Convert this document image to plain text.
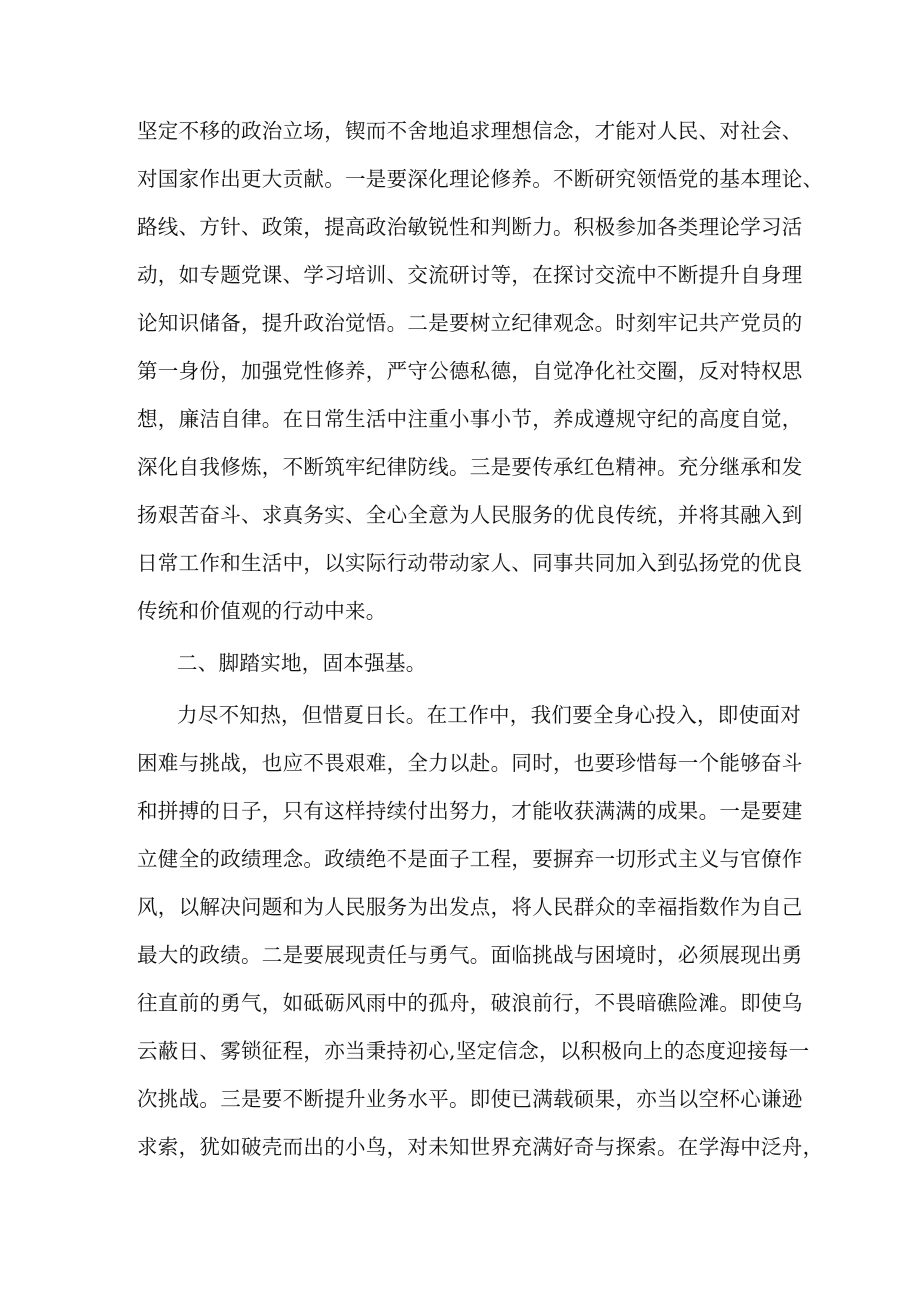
坚定不移的政治立场，锲而不舍地追求理想信念，才能对人民、对社会、
对国家作出更大贡献。一是要深化理论修养。不断研究领悟党的基本理论、
路线、方针、政策，提高政治敏锐性和判断力。积极参加各类理论学习活
动，如专题党课、学习培训、交流研讨等，在探讨交流中不断提升自身理
论知识储备，提升政治觉悟。二是要树立纪律观念。时刻牢记共产党员的
第一身份，加强党性修养，严守公德私德，自觉净化社交圈，反对特权思
想，廉洁自律。在日常生活中注重小事小节，养成遵规守纪的高度自觉，
深化自我修炼，不断筑牢纪律防线。三是要传承红色精神。充分继承和发
扬艰苦奋斗、求真务实、全心全意为人民服务的优良传统，并将其融入到
日常工作和生活中，以实际行动带动家人、同事共同加入到弘扬党的优良
传统和价值观的行动中来。
二、脚踏实地，固本强基。
力尽不知热，但惜夏日长。在工作中，我们要全身心投入，即使面对
困难与挑战，也应不畏艰难，全力以赴。同时，也要珍惜每一个能够奋斗
和拼搏的日子，只有这样持续付出努力，才能收获满满的成果。一是要建
立健全的政绩理念。政绩绝不是面子工程，要摒弃一切形式主义与官僚作
风，以解决问题和为人民服务为出发点，将人民群众的幸福指数作为自己
最大的政绩。二是要展现责任与勇气。面临挑战与困境时，必须展现出勇
往直前的勇气，如砥砺风雨中的孤舟，破浪前行，不畏暗礁险滩。即使乌
云蔽日、雾锁征程，亦当秉持初心,坚定信念，以积极向上的态度迎接每一
次挑战。三是要不断提升业务水平。即使已满载硕果，亦当以空杯心谦逊
求索，犹如破壳而出的小鸟，对未知世界充满好奇与探索。在学海中泛舟，
